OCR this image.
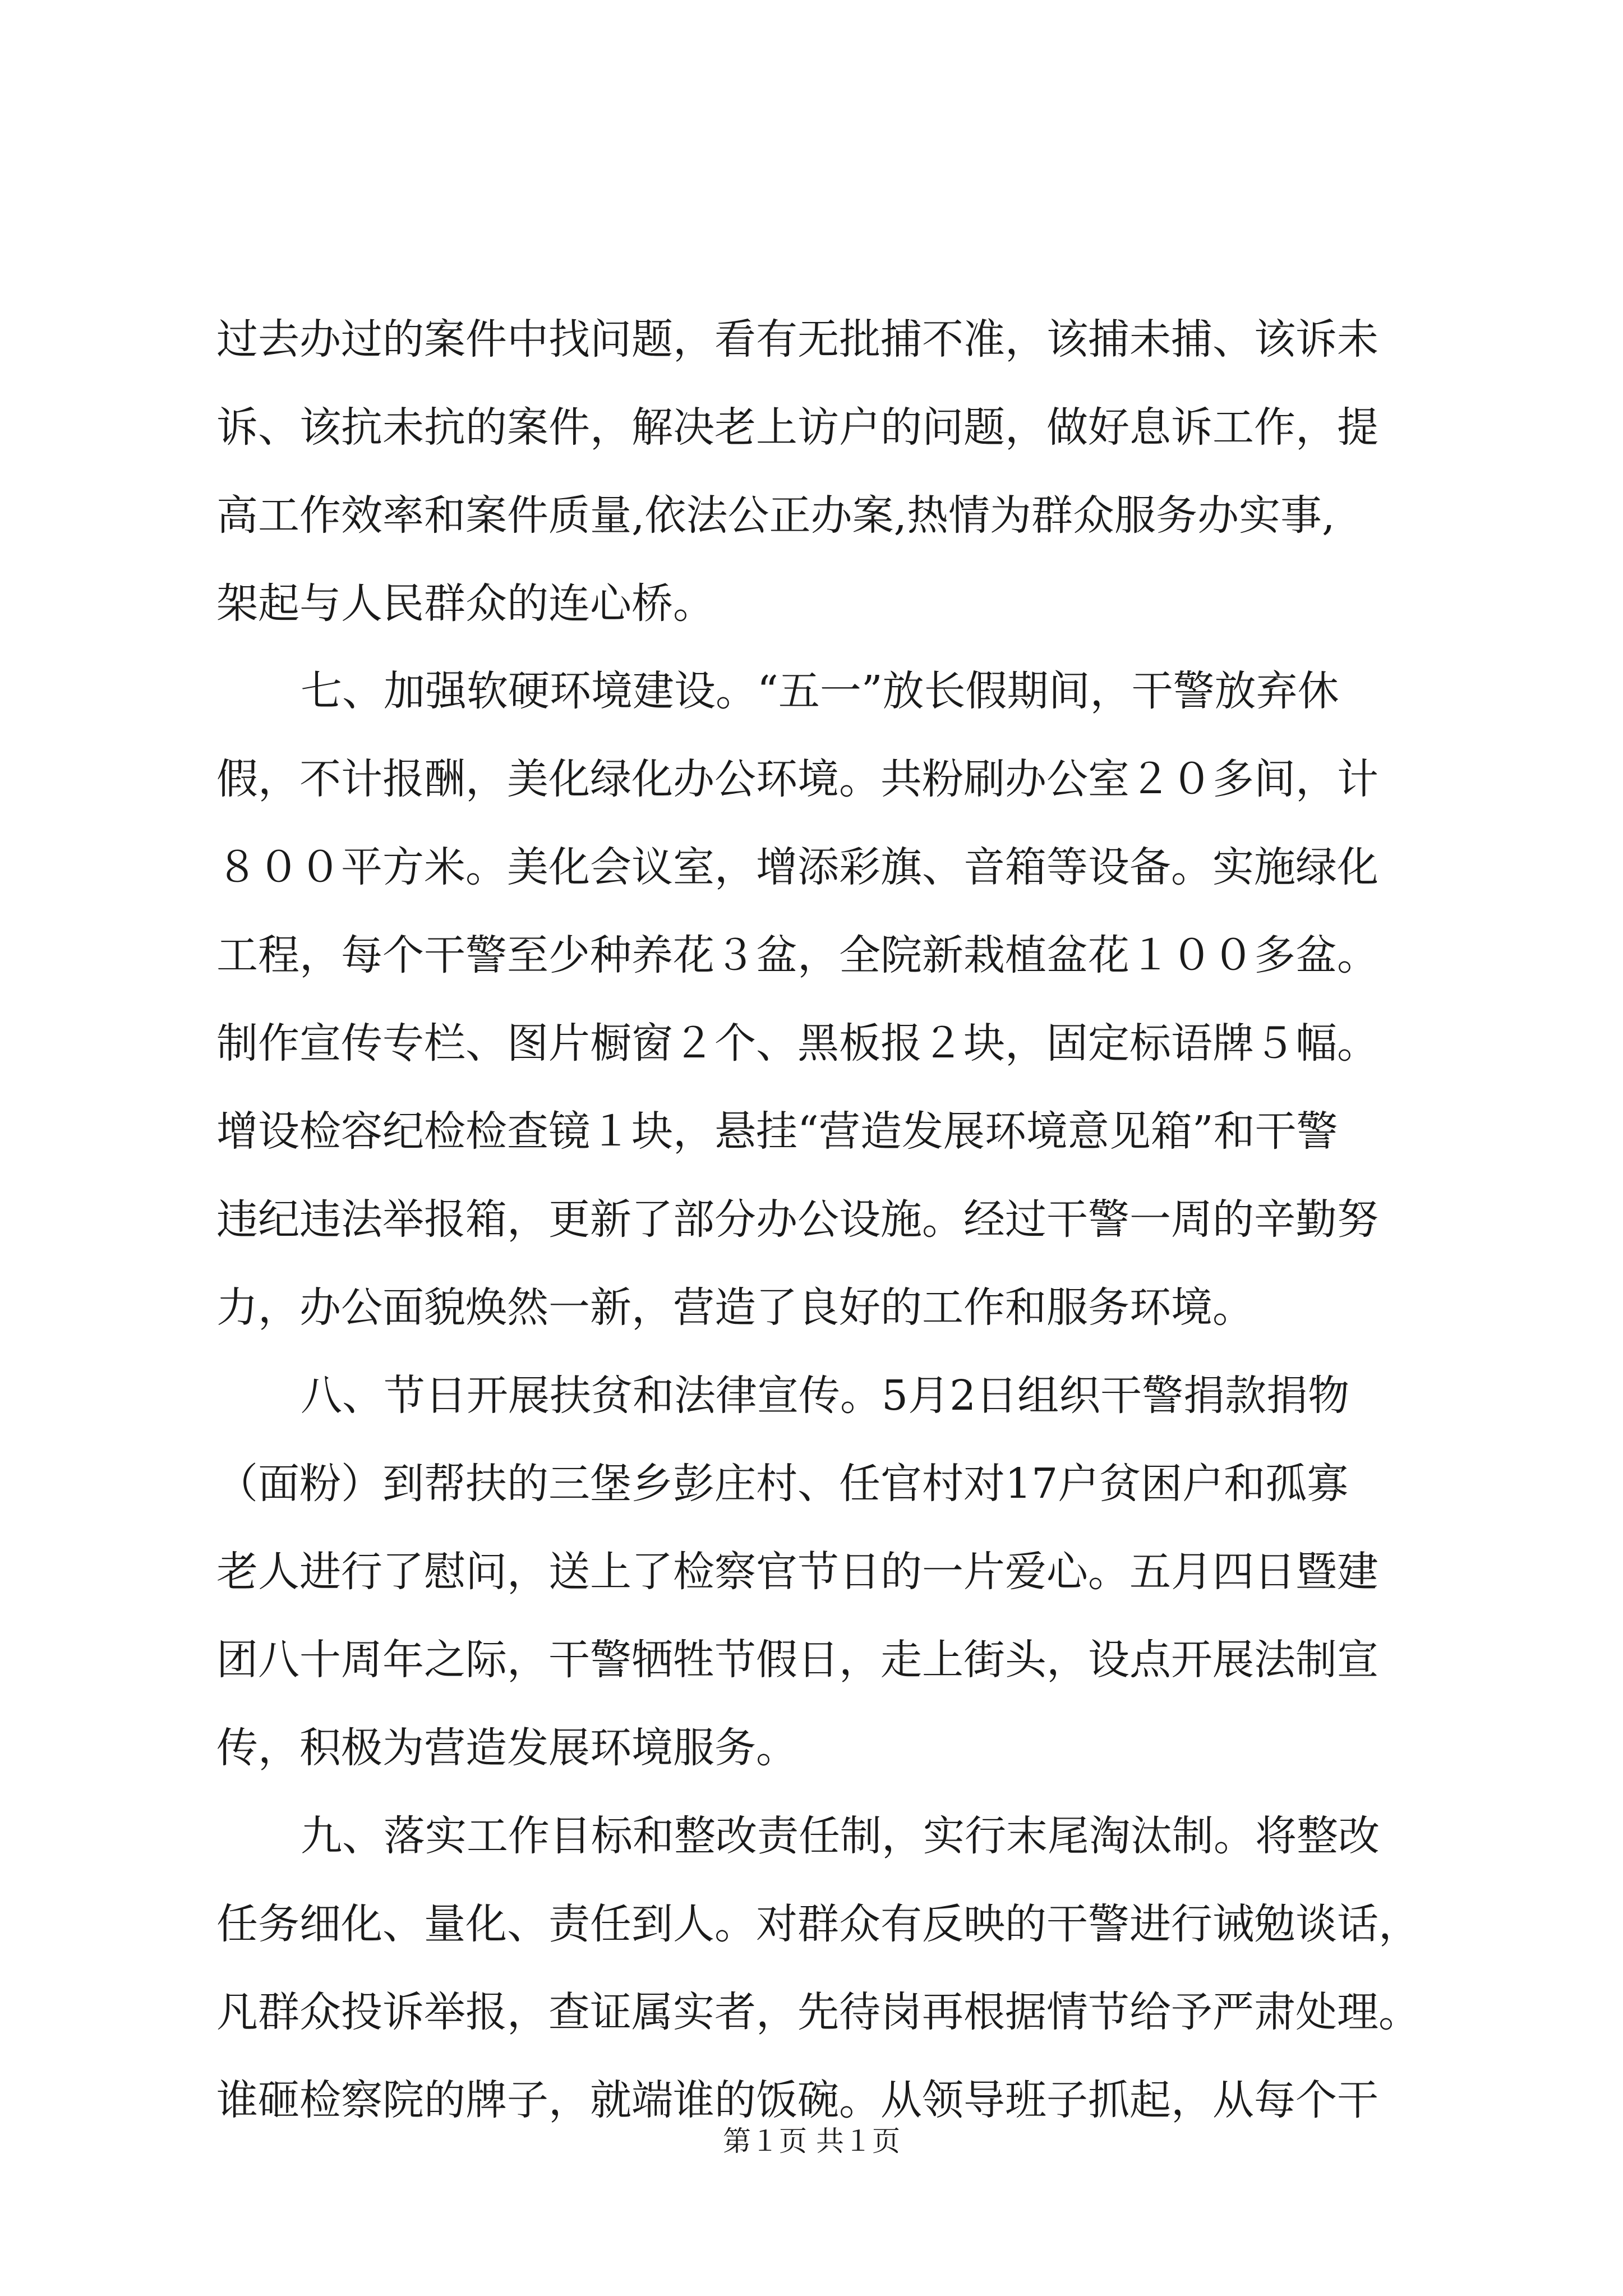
过去办过的案件中找问题，看有无批捕不准，该捕未捕、该诉未
诉、该抗未抗的案件，解决老上访户的问题，做好息诉工作，提
高工作效率和案件质量,依法公正办案,热情为群众服务办实事,
架起与人民群众的连心桥。
七、加强软硬环境建设。“五一”放长假期间，干警放弃休
假，不计报酬，美化绿化办公环境。共粉刷办公室２０多间，计
８００平方米。美化会议室，增添彩旗、音箱等设备。实施绿化
工程，每个干警至少种养花３盆，全院新栽植盆花１００多盆。
制作宣传专栏、图片橱窗２个、黑板报２块，固定标语牌５幅。
增设检容纪检检查镜１块，悬挂“营造发展环境意见箱”和干警
违纪违法举报箱，更新了部分办公设施。经过干警一周的辛勤努
力，办公面貌焕然一新，营造了良好的工作和服务环境。
八、节日开展扶贫和法律宣传。5月2日组织干警捐款捐物
（面粉）到帮扶的三堡乡彭庄村、任官村对17户贫困户和孤寡
老人进行了慰问，送上了检察官节日的一片爱心。五月四日暨建
团八十周年之际，干警牺牲节假日，走上街头，设点开展法制宣
传，积极为营造发展环境服务。
九、落实工作目标和整改责任制，实行末尾淘汰制。将整改
任务细化、量化、责任到人。对群众有反映的干警进行诫勉谈话，
凡群众投诉举报，查证属实者，先待岗再根据情节给予严肃处理。
谁砸检察院的牌子，就端谁的饭碗。从领导班子抓起，从每个干
第１页 共１页
